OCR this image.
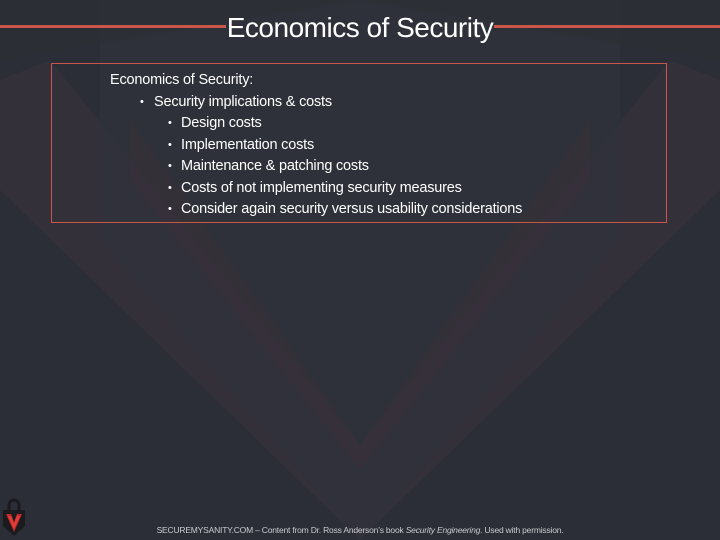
Economics of Security
Economics of Security:
• Security implications & costs
• Design costs
• Implementation costs
• Maintenance & patching costs
• Costs of not implementing security measures
• Consider again security versus usability considerations
SECUREMYSANITY.COM – Content from Dr. Ross Anderson’s book Security Engineering. Used with permission.
